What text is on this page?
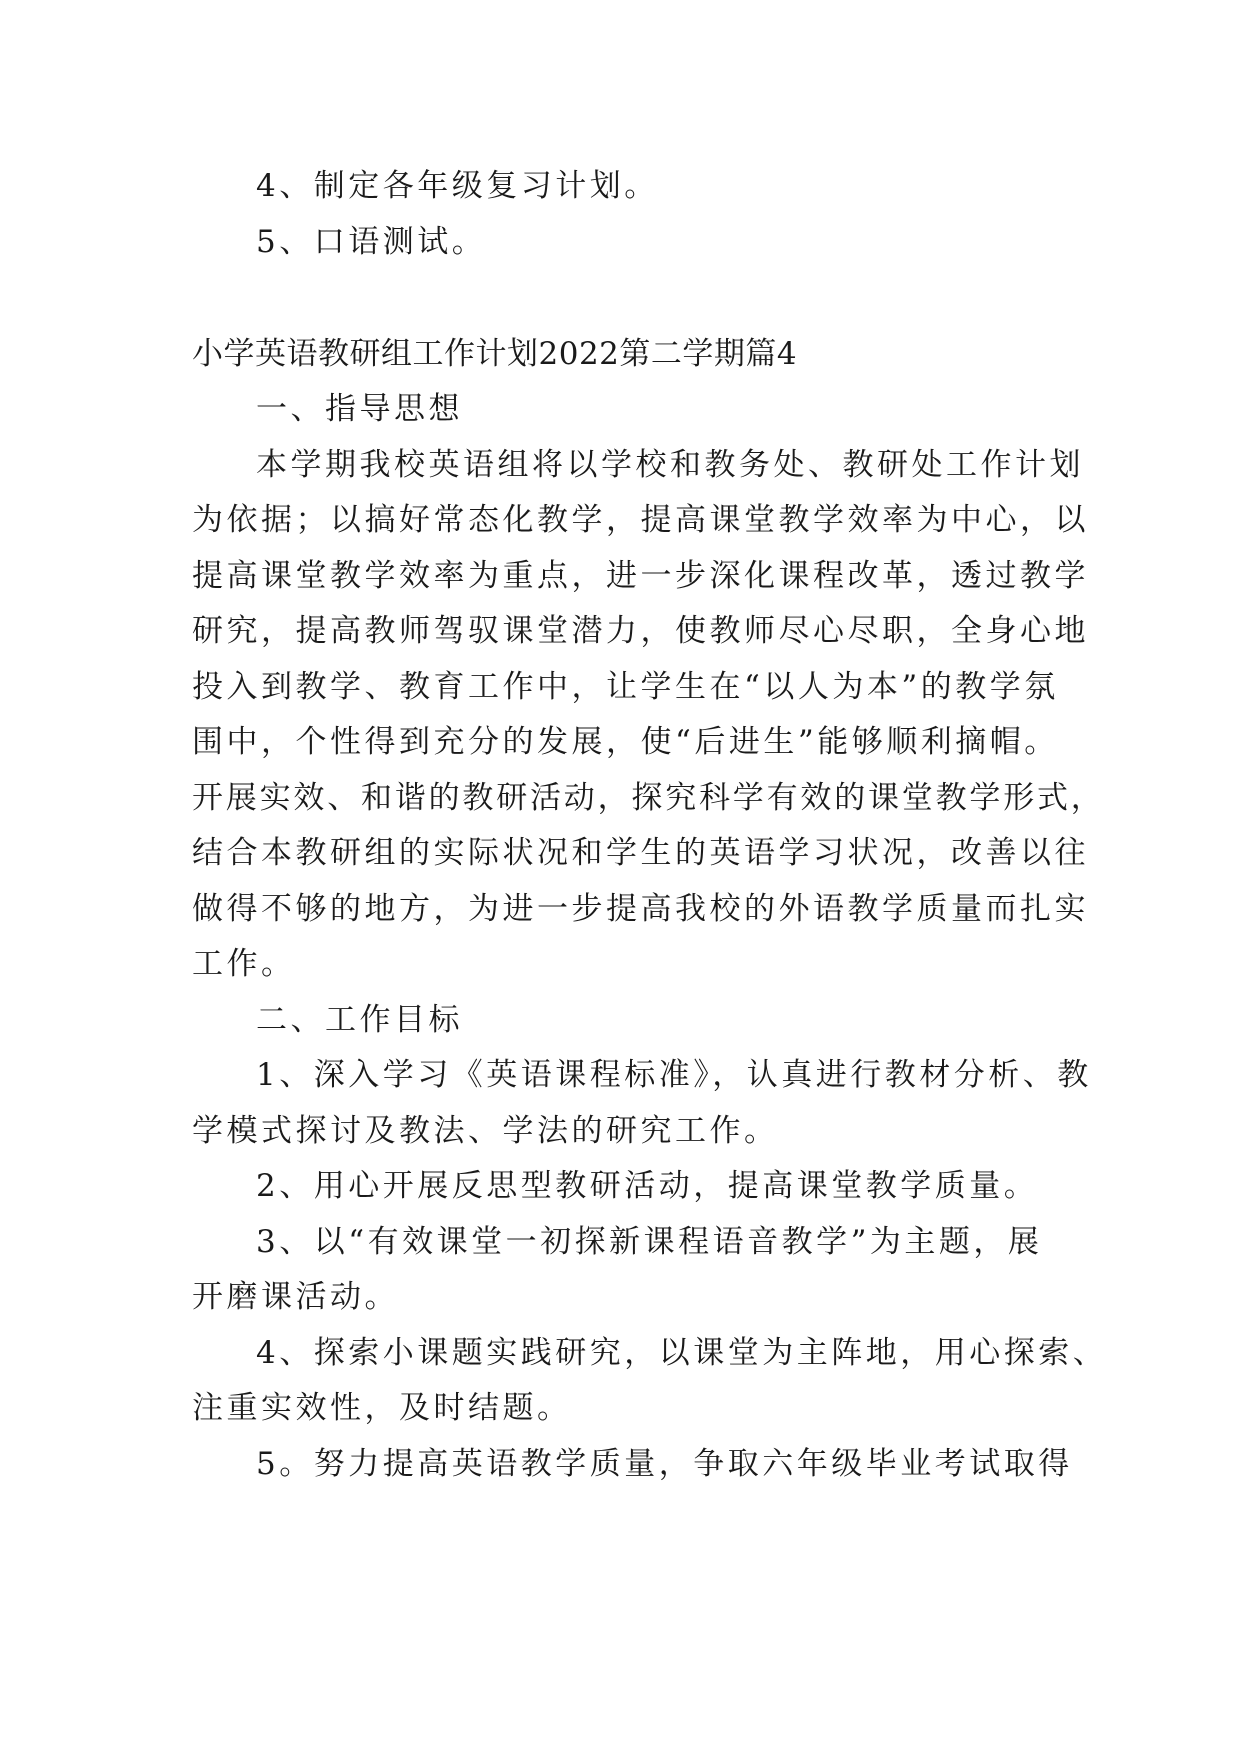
4、制定各年级复习计划。
5、口语测试。
小学英语教研组工作计划2022第二学期篇4
一、指导思想
本学期我校英语组将以学校和教务处、教研处工作计划
为依据；以搞好常态化教学，提高课堂教学效率为中心，以
提高课堂教学效率为重点，进一步深化课程改革，透过教学
研究，提高教师驾驭课堂潜力，使教师尽心尽职，全身心地
投入到教学、教育工作中，让学生在“以人为本”的教学氛
围中，个性得到充分的发展，使“后进生”能够顺利摘帽。
开展实效、和谐的教研活动，探究科学有效的课堂教学形式，
结合本教研组的实际状况和学生的英语学习状况，改善以往
做得不够的地方，为进一步提高我校的外语教学质量而扎实
工作。
二、工作目标
1、深入学习《英语课程标准》，认真进行教材分析、教
学模式探讨及教法、学法的研究工作。
2、用心开展反思型教研活动，提高课堂教学质量。
3、以“有效课堂一初探新课程语音教学”为主题，展
开磨课活动。
4、探索小课题实践研究，以课堂为主阵地，用心探索、
注重实效性，及时结题。
5。努力提高英语教学质量，争取六年级毕业考试取得
